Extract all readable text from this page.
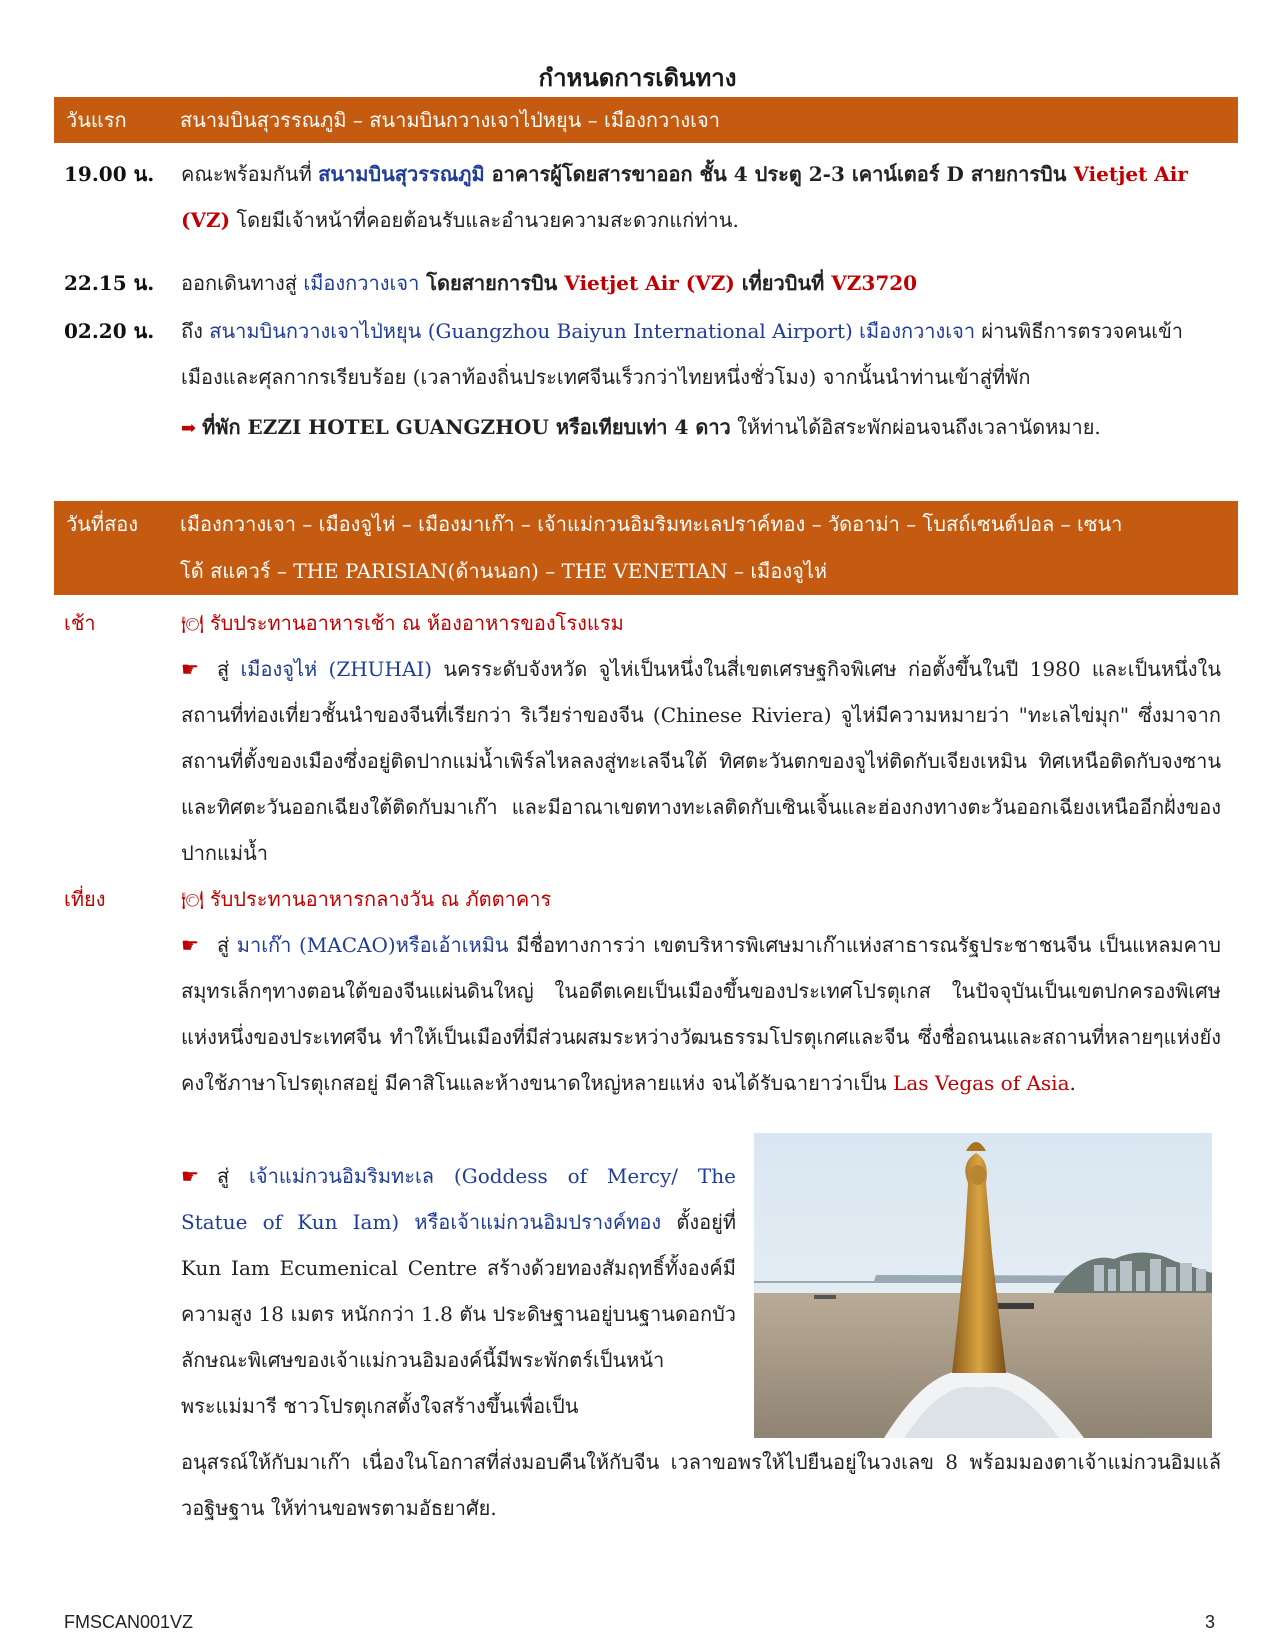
กำหนดการเดินทาง
วันแรก	สนามบินสุวรรณภูมิ – สนามบินกวางเจาไป่หยุน – เมืองกวางเจา
19.00 น. คณะพร้อมกันที่ สนามบินสุวรรณภูมิ อาคารผู้โดยสารขาออก ชั้น 4 ประตู 2-3 เคาน์เตอร์ D สายการบิน Vietjet Air (VZ) โดยมีเจ้าหน้าที่คอยต้อนรับและอำนวยความสะดวกแก่ท่าน.
22.15 น. ออกเดินทางสู่ เมืองกวางเจา โดยสายการบิน Vietjet Air (VZ) เที่ยวบินที่ VZ3720
02.20 น. ถึง สนามบินกวางเจาไป่หยุน (Guangzhou Baiyun International Airport) เมืองกวางเจา ผ่านพิธีการตรวจคนเข้าเมืองและศุลกากรเรียบร้อย (เวลาท้องถิ่นประเทศจีนเร็วกว่าไทยหนึ่งชั่วโมง) จากนั้นนำท่านเข้าสู่ที่พัก
➡ ที่พัก EZZI HOTEL GUANGZHOU หรือเทียบเท่า 4 ดาว ให้ท่านได้อิสระพักผ่อนจนถึงเวลานัดหมาย.
วันที่สอง เมืองกวางเจา – เมืองจูไห่ – เมืองมาเก๊า – เจ้าแม่กวนอิมริมทะเลปราค์ทอง – วัดอาม่า – โบสถ์เซนต์ปอล – เซนา
โด้ สแควร์ – THE PARISIAN(ด้านนอก) – THE VENETIAN – เมืองจูไห่
เช้า	🍽 รับประทานอาหารเช้า ณ ห้องอาหารของโรงแรม
☛ สู่ เมืองจูไห่ (ZHUHAI) นครระดับจังหวัด จูไห่เป็นหนึ่งในสี่เขตเศรษฐกิจพิเศษ ก่อตั้งขึ้นในปี 1980 และเป็นหนึ่งในสถานที่ท่องเที่ยวชั้นนำของจีนที่เรียกว่า ริเวียร่าของจีน (Chinese Riviera) จูไห่มีความหมายว่า "ทะเลไข่มุก" ซึ่งมาจากสถานที่ตั้งของเมืองซึ่งอยู่ติดปากแม่น้ำเพิร์ลไหลลงสู่ทะเลจีนใต้ ทิศตะวันตกของจูไห่ติดกับเจียงเหมิน ทิศเหนือติดกับจงซานและทิศตะวันออกเฉียงใต้ติดกับมาเก๊า และมีอาณาเขตทางทะเลติดกับเซินเจิ้นและฮ่องกงทางตะวันออกเฉียงเหนืออีกฝั่งของปากแม่น้ำ
เที่ยง	🍽 รับประทานอาหารกลางวัน ณ ภัตตาคาร
☛ สู่ มาเก๊า (MACAO)หรือเอ้าเหมิน มีชื่อทางการว่า เขตบริหารพิเศษมาเก๊าแห่งสาธารณรัฐประชาชนจีน เป็นแหลมคาบสมุทรเล็กๆทางตอนใต้ของจีนแผ่นดินใหญ่ ในอดีตเคยเป็นเมืองขึ้นของประเทศโปรตุเกส ในปัจจุบันเป็นเขตปกครองพิเศษแห่งหนึ่งของประเทศจีน ทำให้เป็นเมืองที่มีส่วนผสมระหว่างวัฒนธรรมโปรตุเกศและจีน ซึ่งชื่อถนนและสถานที่หลายๆแห่งยังคงใช้ภาษาโปรตุเกสอยู่ มีคาสิโนและห้างขนาดใหญ่หลายแห่ง จนได้รับฉายาว่าเป็น Las Vegas of Asia.
☛ สู่ เจ้าแม่กวนอิมริมทะเล (Goddess of Mercy/ The Statue of Kun Iam) หรือเจ้าแม่กวนอิมปรางค์ทอง ตั้งอยู่ที่ Kun Iam Ecumenical Centre สร้างด้วยทองสัมฤทธิ์ทั้งองค์มีความสูง 18 เมตร หนักกว่า 1.8 ตัน ประดิษฐานอยู่บนฐานดอกบัว ลักษณะพิเศษของเจ้าแม่กวนอิมองค์นี้มีพระพักตร์เป็นหน้าพระแม่มารี ชาวโปรตุเกสตั้งใจสร้างขึ้นเพื่อเป็น
อนุสรณ์ให้กับมาเก๊า เนื่องในโอกาสที่ส่งมอบคืนให้กับจีน เวลาขอพรให้ไปยืนอยู่ในวงเลข 8 พร้อมมองตาเจ้าแม่กวนอิมแล้วอฐิษฐาน ให้ท่านขอพรตามอัธยาศัย.
FMSCAN001VZ	3
